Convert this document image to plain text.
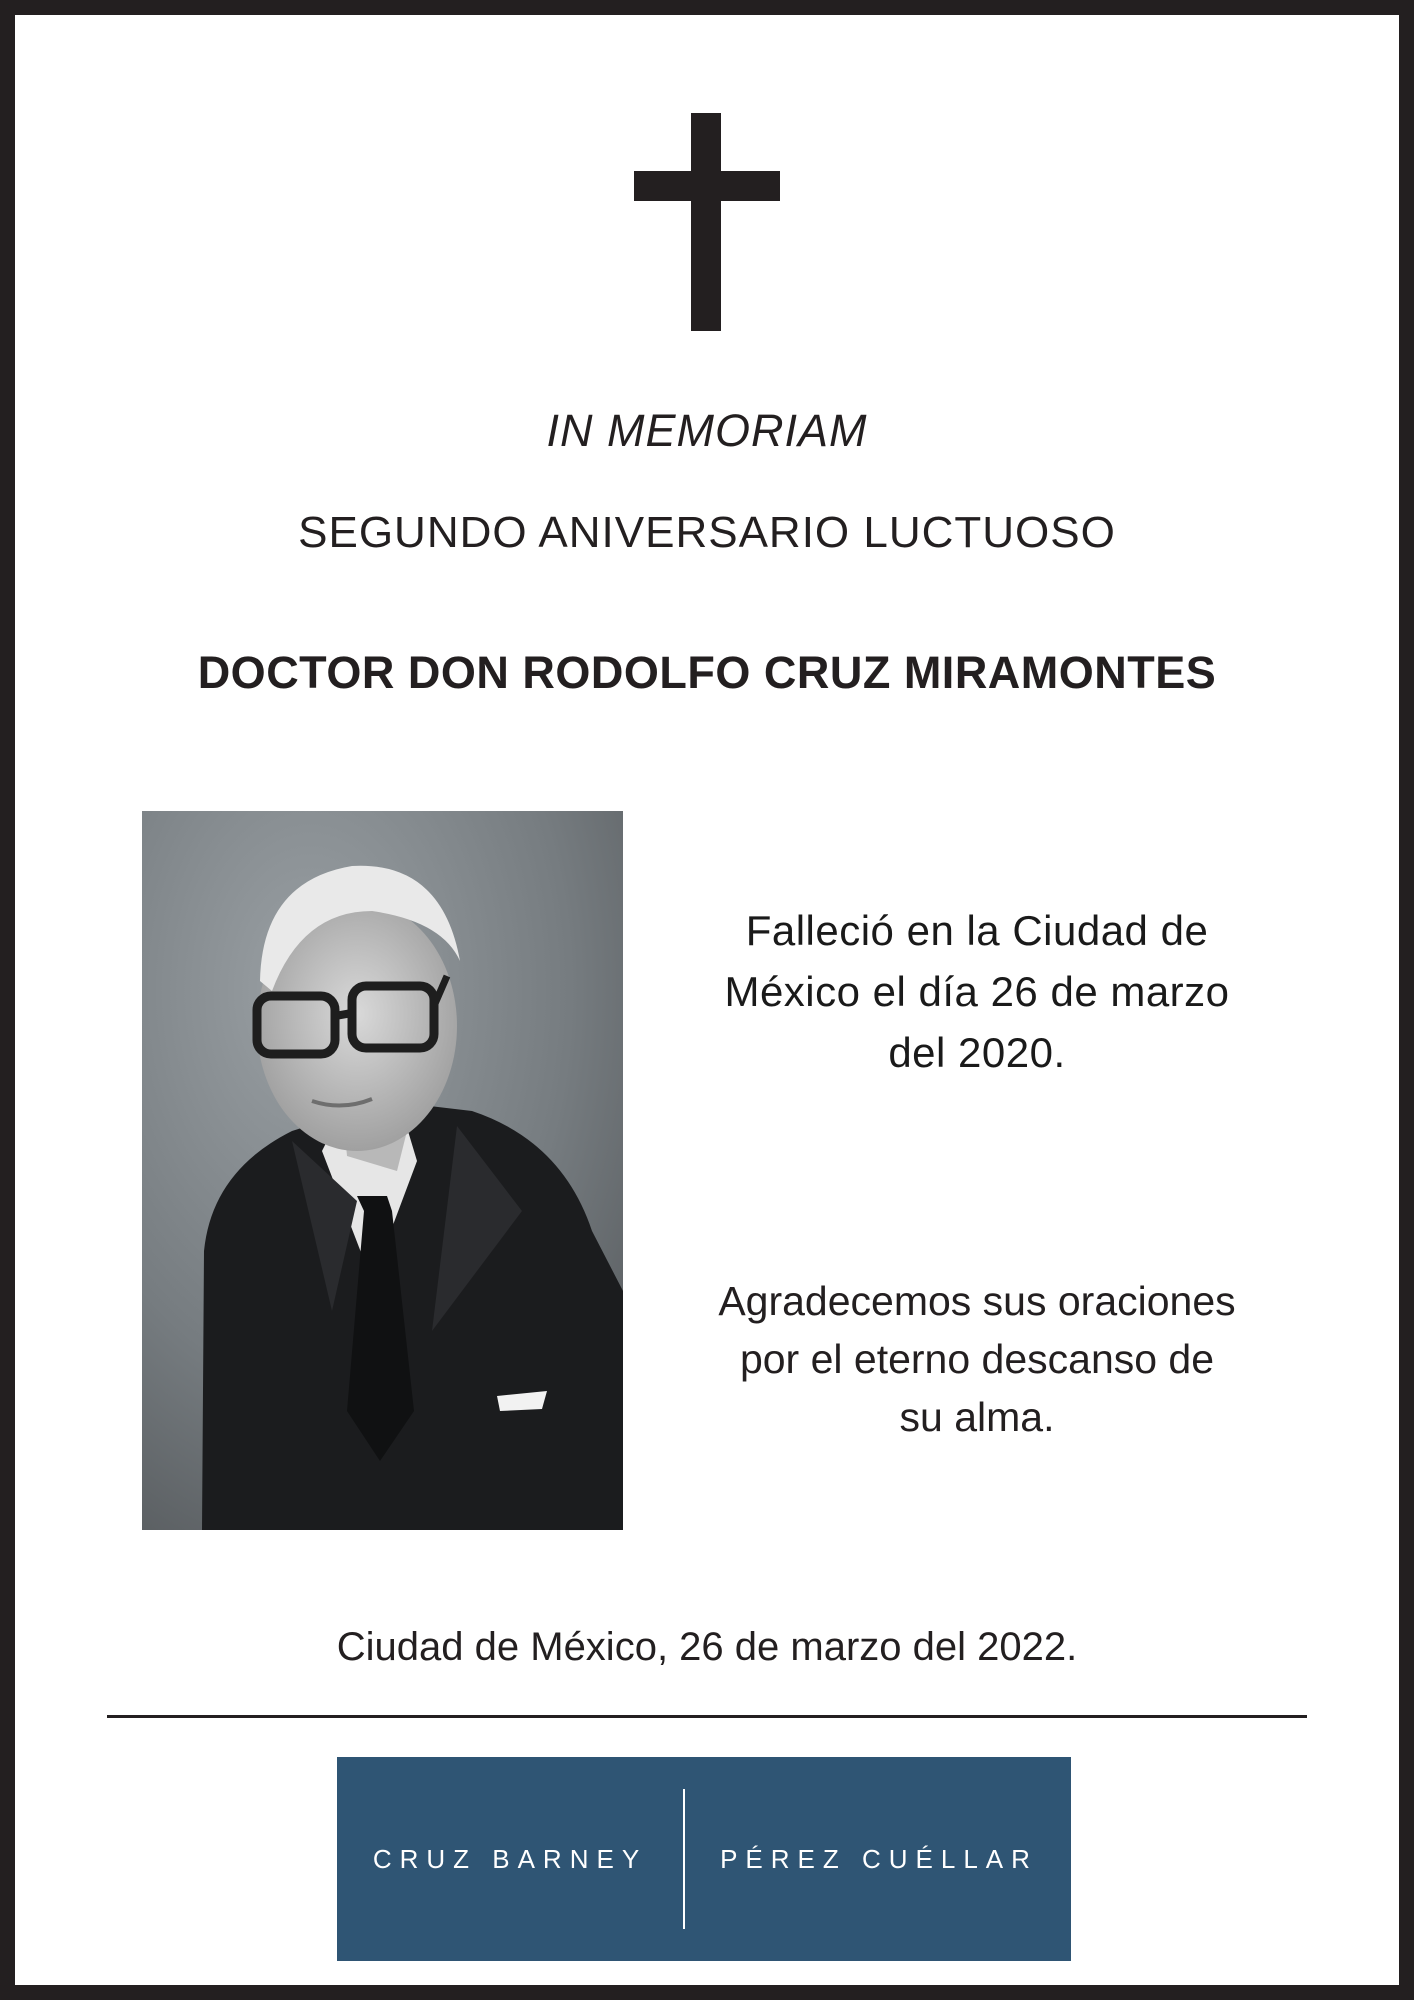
IN MEMORIAM
SEGUNDO ANIVERSARIO LUCTUOSO
DOCTOR DON RODOLFO CRUZ MIRAMONTES
Falleció en la Ciudad de
México el día 26 de marzo
del 2020.
Agradecemos sus oraciones
por el eterno descanso de
su alma.
Ciudad de México, 26 de marzo del 2022.
CRUZ BARNEY	PÉREZ CUÉLLAR
